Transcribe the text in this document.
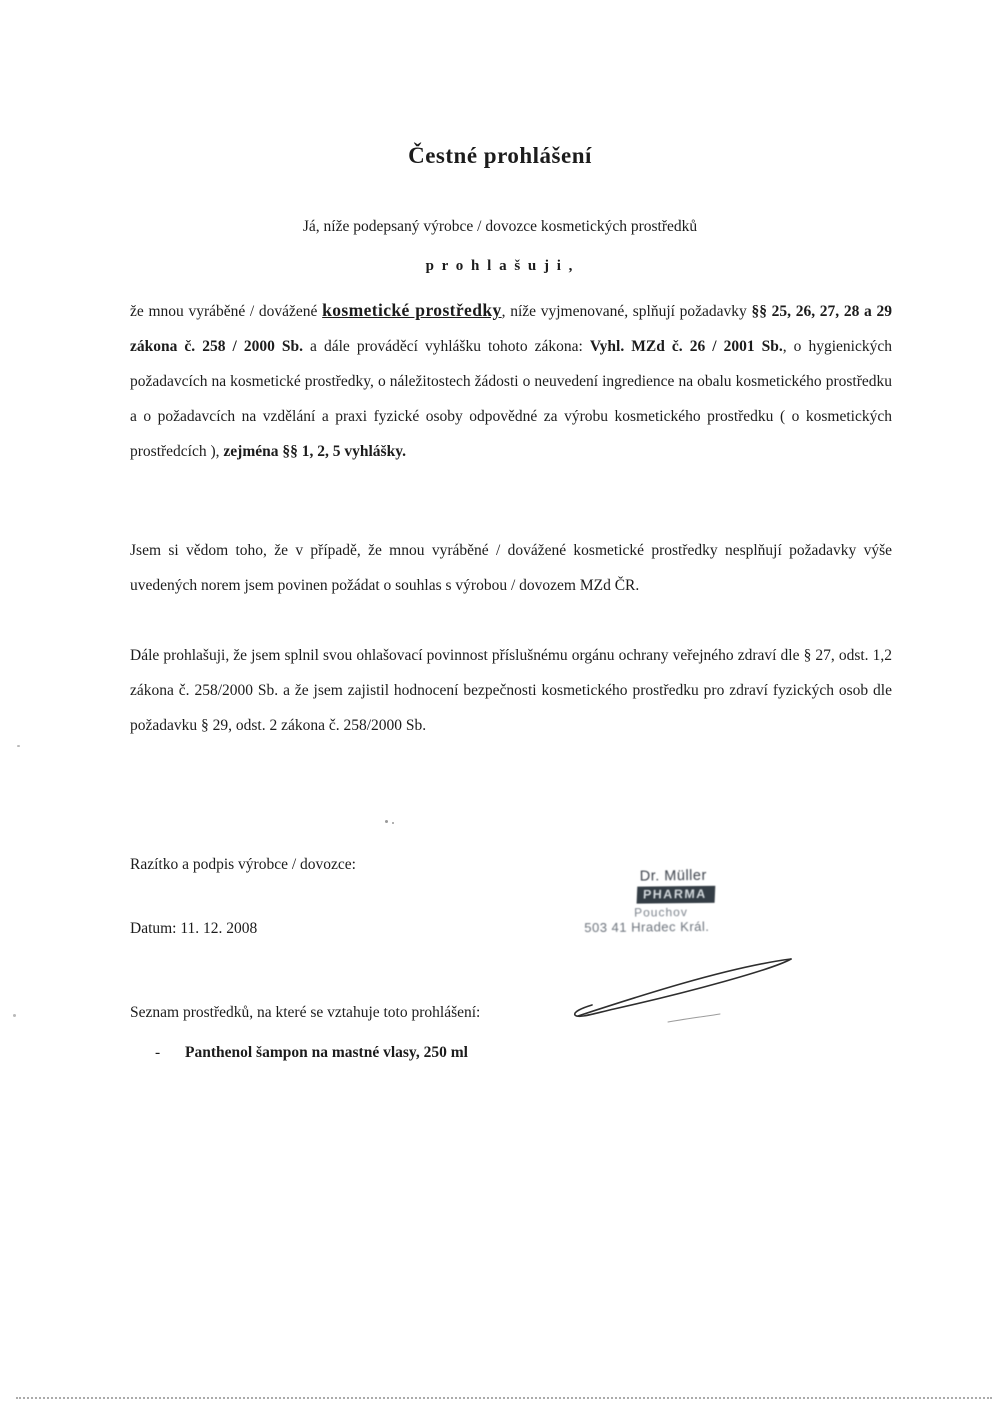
Čestné prohlášení
Já, níže podepsaný výrobce / dovozce kosmetických prostředků
p r o h l a š u j i ,

že mnou vyráběné / dovážené kosmetické prostředky, níže vyjmenované, splňují požadavky §§ 25, 26, 27, 28 a 29 zákona č. 258 / 2000 Sb. a dále prováděcí vyhlášku tohoto zákona: Vyhl. MZd č. 26 / 2001 Sb., o hygienických požadavcích na kosmetické prostředky, o náležitostech žádosti o neuvedení ingredience na obalu kosmetického prostředku a o požadavcích na vzdělání a praxi fyzické osoby odpovědné za výrobu kosmetického prostředku ( o kosmetických prostředcích ), zejména §§ 1, 2, 5 vyhlášky.

Jsem si vědom toho, že v případě, že mnou vyráběné / dovážené kosmetické prostředky nesplňují požadavky výše uvedených norem jsem povinen požádat o souhlas s výrobou / dovozem MZd ČR.

Dále prohlašuji, že jsem splnil svou ohlašovací povinnost příslušnému orgánu ochrany veřejného zdraví dle § 27, odst. 1,2 zákona č. 258/2000 Sb. a že jsem zajistil hodnocení bezpečnosti kosmetického prostředku pro zdraví fyzických osob dle požadavku § 29, odst. 2 zákona č. 258/2000 Sb.

Razítko a podpis výrobce / dovozce:
Datum: 11. 12. 2008
Dr. Müller
PHARMA
Pouchov
503 41 Hradec Král.
Seznam prostředků, na které se vztahuje toto prohlášení:
- Panthenol šampon na mastné vlasy, 250 ml
